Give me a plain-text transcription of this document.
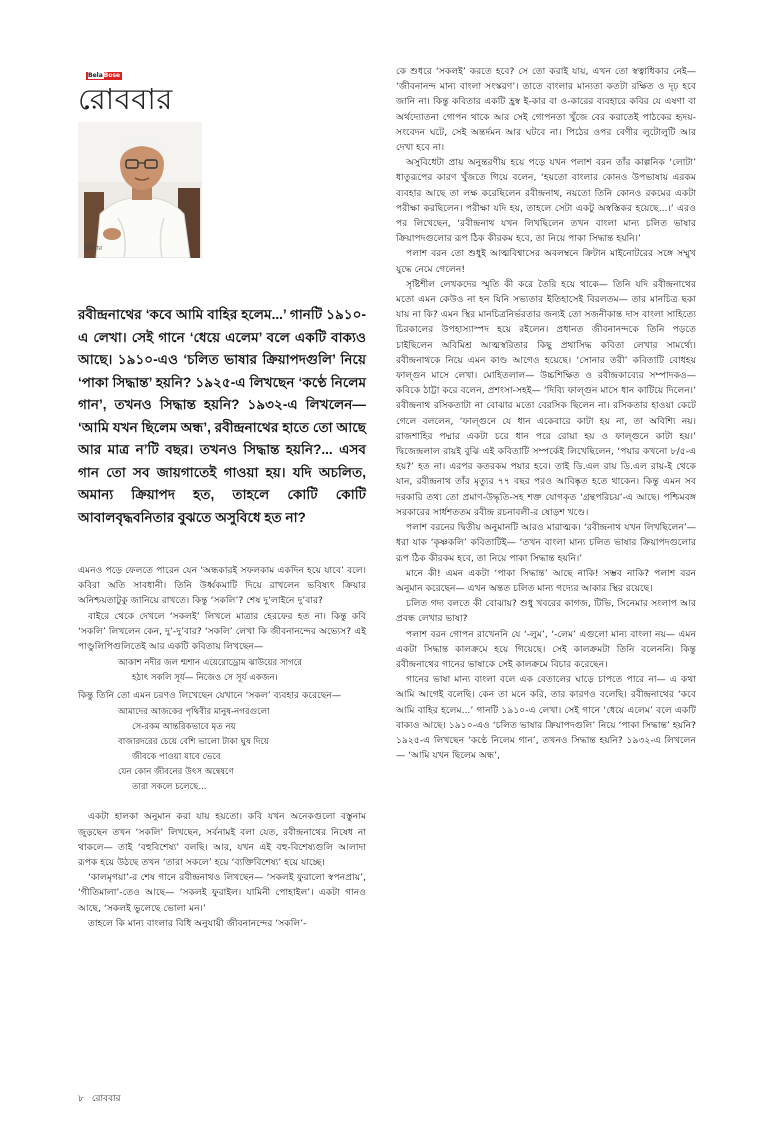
BelaBose
রোববার
রবিবার
রবীন্দ্রনাথের ‘কবে আমি বাহির হলেম...’ গানটি ১৯১০-এ লেখা। সেই গানে ‘ধেয়ে এলেম’ বলে একটি বাক্যও আছে। ১৯১০-এও ‘চলিত ভাষার ক্রিয়াপদগুলি’ নিয়ে ‘পাকা সিদ্ধান্ত’ হয়নি? ১৯২৫-এ লিখছেন ‘কণ্ঠে নিলেম গান’, তখনও সিদ্ধান্ত হয়নি? ১৯৩২-এ লিখলেন— ‘আমি যখন ছিলেম অন্ধ’, রবীন্দ্রনাথের হাতে তো আছে আর মাত্র ন’টি বছর। তখনও সিদ্ধান্ত হয়নি?... এসব গান তো সব জায়গাতেই গাওয়া হয়। যদি অচলিত, অমান্য ক্রিয়াপদ হত, তাহলে কোটি কোটি আবালবৃদ্ধবনিতার বুঝতে অসুবিধে হত না?

এমনও পড়ে ফেলতে পারেন যেন ‘অন্ধকারই সফলকাম একদিন হয়ে যাবে’ বলে। কবিরা অতি সাবধানী। তিনি উর্ধ্বকমাটি দিয়ে রাখলেন ভবিষ্যৎ ক্রিয়ার অনিশ্চয়তাটুকু জানিয়ে রাখতে। কিন্তু ‘সকলি’? শেষ দু’লাইনে দু’বার?

বাইরে থেকে দেখলে ‘সকলই’ লিখলে মাত্রার হেরফের হত না। কিন্তু কবি ‘সকলি’ লিখলেন কেন, দু’-দু’বার? ‘সকলি’ লেখা কি জীবনানন্দের অভ্যেস? এই পাণ্ডুলিপিগুলিতেই আর একটি কবিতায় লিখছেন—

আকাশ নদীর জল শ্মশান এয়েরোড্রোম ঝাউয়ের সাগরে
হঠাৎ সকলি সূর্য— নিজেও সে সূর্য একজন।

কিন্তু তিনি তো এমন চরণও লিখেছেন যেখানে ‘সকল’ ব্যবহার করেছেন—

আমাদের আজকের পৃথিবীর মানুষ-নগরগুলো
সে-রকম আন্তরিকভাবে মৃত নয়
বাজারদরের চেয়ে বেশি ভালো টাকা ঘুষ দিয়ে
জীবকে পাওয়া যাবে ভেবে
যেন কোন জীবনের উৎস অন্বেষণে
তারা সকলে চলেছে...

একটা হালকা অনুমান করা যায় হয়তো। কবি যখন অনেকগুলো বস্তুনাম জুড়ছেন তখন ‘সকলি’ লিখছেন, সর্বনামই বলা যেত, রবীন্দ্রনাথের নিষেধ না থাকলে— তাই ‘বহুবিশেষ্য’ বলছি। আর, যখন এই বহু-বিশেষ্যগুলি আলাদা রূপক হয়ে উঠছে তখন ‘তারা সকলে’ হয়ে ‘ব্যক্তিবিশেষ্য’ হয়ে যাচ্ছে।

‘কালমৃগয়া’-র শেষ গানে রবীন্দ্রনাথও লিখছেন— ‘সকলই ফুরালো স্বপনপ্রায়’, ‘গীতিমালা’-তেও আছে— ‘সকলই ফুরাইল। যামিনী পোহাইল’। একটা গানও আছে, ‘সকলই ভুলেছে ভোলা মন।’

তাহলে কি মান্য বাংলার বিধি অনুযায়ী জীবনানন্দের ‘সকলি’-

কে শুধরে ‘সকলই’ করতে হবে? সে তো করাই যায়, এখন তো স্বত্বাধিকার নেই— ‘জীবনানন্দ মান্য বাংলা সংস্করণ’। তাতে বাংলার মান্যতা কতটা রক্ষিত ও দৃঢ় হবে জানি না। কিন্তু কবিতার একটি হ্রস্ব ই-কার বা ও-কারের ব্যবহারে কবির যে এষণা বা অর্থদ্যোতনা গোপন থাকে আর সেই গোপনতা খুঁজে বের করাতেই পাঠকের হৃদয়-সংবেদন ঘটে, সেই অন্তর্দমন আর ঘটবে না। পিঠের ওপর বেণীর লুটোলুটি আর দেখা হবে না।

অসুবিধেটা প্রায় অনুন্তরণীয় হয়ে পড়ে যখন পলাশ বরন তাঁর কাল্পনিক ‘লোটা’ ধাতুরূপের কারণ খুঁজতে গিয়ে বলেন, ‘হয়তো বাংলার কোনও উপভাষায় এরকম ব্যবহার আছে তা লক্ষ করেছিলেন রবীন্দ্রনাথ, নয়তো তিনি কোনও রকমের একটা পরীক্ষা করছিলেন। পরীক্ষা যদি হয়, তাহলে সেটা একটু অস্বস্তিকর হয়েছে...।’ এরও পর লিখেছেন, ‘রবীন্দ্রনাথ যখন লিখছিলেন তখন বাংলা মান্য চলিত ভাষার ক্রিয়াপদগুলোর রূপ ঠিক কীরকম হবে, তা নিয়ে পাকা সিদ্ধান্ত হয়নি।’

পলাশ বরন তো শুধুই আত্মবিশ্বাসের অবলম্বনে ক্রিটান মাইনোটরের সঙ্গে সম্মুখ যুদ্ধে নেমে গেলেন!

সৃষ্টিশীল লেখকদের স্মৃতি কী করে তৈরি হয়ে থাকে— তিনি যদি রবীন্দ্রনাথের মতো এমন কেউও না হন যিনি সভ্যতার ইতিহাসেই বিরলতম— তার মানচিত্র ছকা যায় না কি? এমন স্থির মানচিত্রনির্ভরতার জন্যই তো সজনীকান্ত দাস বাংলা সাহিত্যে চিরকালের উপহাস্যাস্পদ হয়ে রইলেন। প্রধানত জীবনানন্দকে তিনি পড়তে চাইছিলেন অবিমিশ্র আত্মস্বরিতার কিছু প্রথাসিদ্ধ কবিতা লেখার সামর্থ্যে। রবীন্দ্রনাথকে নিয়ে এমন কাণ্ড আগেও হয়েছে। ‘সোনার তরী’ কবিতাটি বোধহয় ফাল্গুন মাসে লেখা। মোহিতলাল— উচ্চশিক্ষিত ও রবীন্দ্রকাব্যের সম্পাদকও— কবিকে ঠাট্টা করে বলেন, প্রশংসা-সহই— ‘দিব্যি ফাল্গুন মাসে ধান কাটিয়ে দিলেন।’ রবীন্দ্রনাথ রসিকতাটা না বোঝার মতো বেরসিক ছিলেন না। রসিকতার হাওয়া কেটে গেলে বললেন, ‘ফাল্গুনে যে ধান একেবারে কাটা হয় না, তা অবিশ্যি নয়। রাজশাহির পদ্মার একটা চরে ধান পরে রোয়া হয় ও ফাল্গুনে কাটা হয়।’ দ্বিজেন্দ্রলাল রায়ই বুঝি এই কবিতাটি সম্পর্কেই লিখেছিলেন, ‘পয়ার কখনো ৮/৫-এ হয়?’ হত না। এরপর কতরকম পয়ার হবে। তাই ডি.এল রায় ডি.এল রায়-ই থেকে যান, রবীন্দ্রনাথ তাঁর মৃত্যুর ৭৭ বছর পরও আবিষ্কৃত হতে থাকেন। কিন্তু এমন সব দরকারি তথ্য তো প্রমাণ-উদ্ধৃতি-সহ শক্ত যোগকৃত ‘গ্রন্থপরিচয়’-এ আছে। পশ্চিমবঙ্গ সরকারের সার্ধশততম রবীন্দ্র রচনাবলী-র ষোড়শ খণ্ডে।

পলাশ বরনের দ্বিতীয় অনুমানটি আরও মারাত্মক। ‘রবীন্দ্রনাথ যখন লিখছিলেন’— ধরা যাক ‘কৃষ্ণকলি’ কবিতাটিই— ‘তখন বাংলা মান্য চলিত ভাষার ক্রিয়াপদগুলোর রূপ ঠিক কীরকম হবে, তা নিয়ে পাকা সিদ্ধান্ত হয়নি।’

মানে কী! এমন একটা ‘পাকা সিদ্ধান্ত’ আছে নাকি! সম্ভব নাকি? পলাশ বরন অনুমান করেছেন— এখন অন্তত চলিত মান্য গদ্যের আকার স্থির রয়েছে।

চলিত গদ্য বলতে কী বোঝায়? শুধু খবরের কাগজ, টিভি, সিনেমার সংলাপ আর প্রবন্ধ লেখার ভাষা?

পলাশ বরন গোপন রাখেননি যে ‘-লুম’, ‘-লেম’ এগুলো মান্য বাংলা নয়— এমন একটা সিদ্ধান্ত কালক্রমে হয়ে গিয়েছে। সেই কালক্রমটা তিনি বলেননি। কিন্তু রবীন্দ্রনাথের গানের ভাষাকে সেই কালক্রমে বিচার করেছেন।

গানের ভাষা মান্য বাংলা বলে এক বেতালের ঘাড়ে চাপতে পারে না— এ কথা আমি আগেই বলেছি। কেন তা মনে করি, তার কারণও বলেছি। রবীন্দ্রনাথের ‘কবে আমি বাহির হলেম...’ গানটি ১৯১০-এ লেখা। সেই গানে ‘ধেয়ে এলেম’ বলে একটি বাক্যও আছে। ১৯১০-এও ‘চলিত ভাষার ক্রিয়াপদগুলি’ নিয়ে ‘পাকা সিদ্ধান্ত’ হয়নি? ১৯২৫-এ লিখছেন ‘কণ্ঠে নিলেম গান’, তখনও সিদ্ধান্ত হয়নি? ১৯৩২-এ লিখলেন— ‘আমি যখন ছিলেম অন্ধ’,

৮ রোববার
